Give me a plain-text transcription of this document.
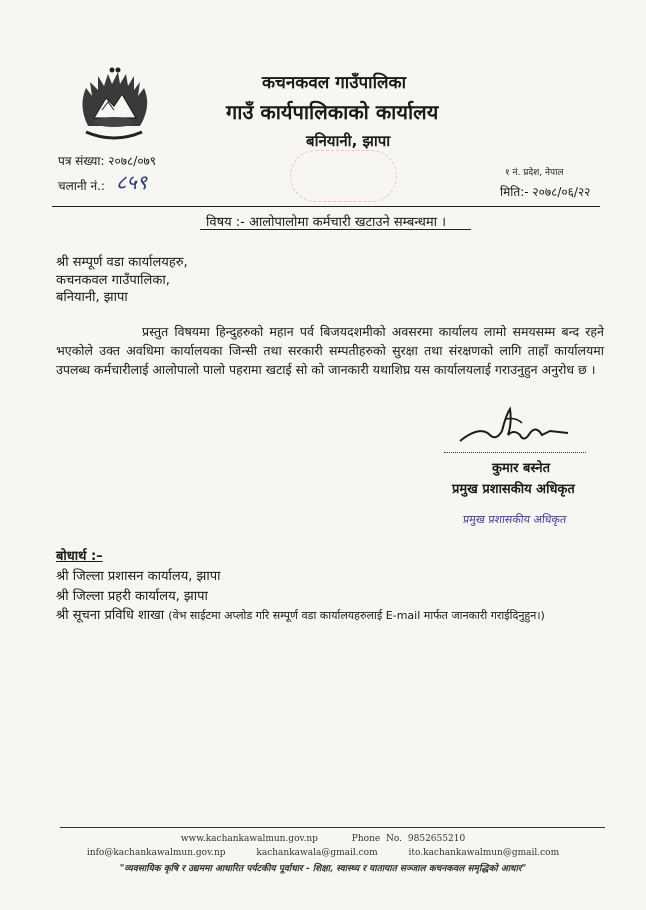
कचनकवल गाउँपालिका
गाउँ कार्यपालिकाको कार्यालय
बनियानी, झापा
पत्र संख्या: २०७८/०७९
चलानी नं.: ८५९	१ नं. प्रदेश, नेपाल
मिति:- २०७८/०६/२२
विषय :- आलोपालोमा कर्मचारी खटाउने सम्बन्धमा ।
श्री सम्पूर्ण वडा कार्यालयहरु,
कचनकवल गाउँपालिका,
बनियानी, झापा
प्रस्तुत विषयमा हिन्दुहरुको महान पर्व बिजयदशमीको अवसरमा कार्यालय लामो समयसम्म बन्द रहने भएकोले उक्त अवधिमा कार्यालयका जिन्सी तथा सरकारी सम्पतीहरुको सुरक्षा तथा संरक्षणको लागि ताहाँ कार्यालयमा उपलब्ध कर्मचारीलाई आलोपालो पालो पहरामा खटाई सो को जानकारी यथाशिघ्र यस कार्यालयलाई गराउनुहुन अनुरोध छ ।
कुमार बस्नेत
प्रमुख प्रशासकीय अधिकृत
प्रमुख प्रशासकीय अधिकृत
बोधार्थ :–
श्री जिल्ला प्रशासन कार्यालय, झापा
श्री जिल्ला प्रहरी कार्यालय, झापा
श्री सूचना प्रविधि शाखा (वेभ साईटमा अप्लोड गरि सम्पूर्ण वडा कार्यालयहरुलाई E-mail मार्फत जानकारी गराईदिनुहुन।)
www.kachankawalmun.gov.np	Phone No. 9852655210
info@kachankawalmun.gov.np	kachankawala@gmail.com	ito.kachankawalmun@gmail.com
"व्यवसायिक कृषि र उद्यममा आधारित पर्यटकीय पूर्वाधार - शिक्षा, स्वास्थ्य र यातायात सञ्जाल कचनकवल समृद्धिको आधार"
